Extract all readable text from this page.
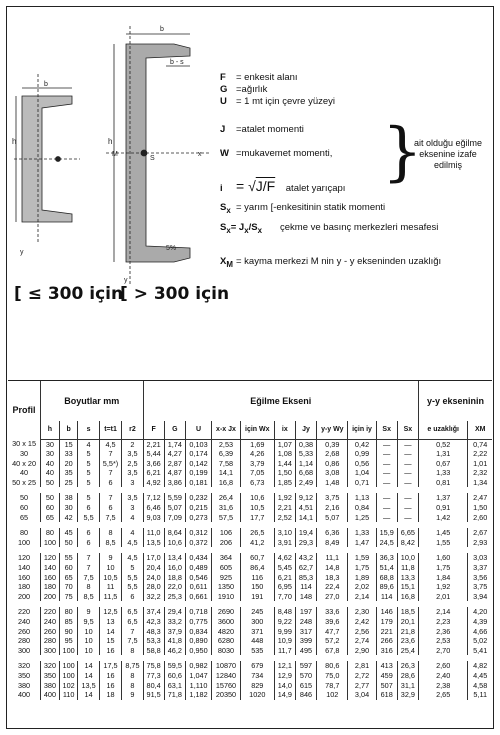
h
b
y
h
b
b - s
S
M	x
5%
y
F = enkesit alanı
G =ağırlık
U = 1 mt için çevre yüzeyi
J =atalet momenti
W =mukavemet momenti,
i = √J/F atalet yarıçapı
$S_x$ = yarım [-enkesitinin statik momenti
$S_x= J_x/S_x$ çekme ve basınç merkezleri mesafesi
$X_M$ = kayma merkezi M nin y - y ekseninden uzaklığı
}
ait olduğu eğilme eksenine izafe edilmiş
[ ≤ 300 için
[ > 300 için
Profil	Boyutlar mm					Eğilme Ekseni											y-y ekseninin	
	h	b	s	t=t1	r2	F	G	U	x-x Jx	için Wx	ix	Jy	y-y Wy	için iy	Sx	Sx	e uzaklığı	XM
30 x 15	30	15	4	4,5	2	2,21	1,74	0,103	2,53	1,69	1,07	0,38	0,39	0,42	—	—	0,52	0,74
30	30	33	5	7	3,5	5,44	4,27	0,174	6,39	4,26	1,08	5,33	2,68	0,99	—	—	1,31	2,22
40 x 20	40	20	5	5,5*)	2,5	3,66	2,87	0,142	7,58	3,79	1,44	1,14	0,86	0,56	—	—	0,67	1,01
40	40	35	5	7	3,5	6,21	4,87	0,199	14,1	7,05	1,50	6,68	3,08	1,04	—	—	1,33	2,32
50 x 25	50	25	5	6	3	4,92	3,86	0,181	16,8	6,73	1,85	2,49	1,48	0,71	—	—	0,81	1,34

50	50	38	5	7	3,5	7,12	5,59	0,232	26,4	10,6	1,92	9,12	3,75	1,13	—	—	1,37	2,47
60	60	30	6	6	3	6,46	5,07	0,215	31,6	10,5	2,21	4,51	2,16	0,84	—	—	0,91	1,50
65	65	42	5,5	7,5	4	9,03	7,09	0,273	57,5	17,7	2,52	14,1	5,07	1,25	—	—	1,42	2,60

80	80	45	6	8	4	11,0	8,64	0,312	106	26,5	3,10	19,4	6,36	1,33	15,9	6,65	1,45	2,67
100	100	50	6	8,5	4,5	13,5	10,6	0,372	206	41,2	3,91	29,3	8,49	1,47	24,5	8,42	1,55	2,93

120	120	55	7	9	4,5	17,0	13,4	0,434	364	60,7	4,62	43,2	11,1	1,59	36,3	10,0	1,60	3,03
140	140	60	7	10	5	20,4	16,0	0,489	605	86,4	5,45	62,7	14,8	1,75	51,4	11,8	1,75	3,37
160	160	65	7,5	10,5	5,5	24,0	18,8	0,546	925	116	6,21	85,3	18,3	1,89	68,8	13,3	1,84	3,56
180	180	70	8	11	5,5	28,0	22,0	0,611	1350	150	6,95	114	22,4	2,02	89,6	15,1	1,92	3,75
200	200	75	8,5	11,5	6	32,2	25,3	0,661	1910	191	7,70	148	27,0	2,14	114	16,8	2,01	3,94

220	220	80	9	12,5	6,5	37,4	29,4	0,718	2690	245	8,48	197	33,6	2,30	146	18,5	2,14	4,20
240	240	85	9,5	13	6,5	42,3	33,2	0,775	3600	300	9,22	248	39,6	2,42	179	20,1	2,23	4,39
260	260	90	10	14	7	48,3	37,9	0,834	4820	371	9,99	317	47,7	2,56	221	21,8	2,36	4,66
280	280	95	10	15	7,5	53,3	41,8	0,890	6280	448	10,9	399	57,2	2,74	266	23,6	2,53	5,02
300	300	100	10	16	8	58,8	46,2	0,950	8030	535	11,7	495	67,8	2,90	316	25,4	2,70	5,41

320	320	100	14	17,5	8,75	75,8	59,5	0,982	10870	679	12,1	597	80,6	2,81	413	26,3	2,60	4,82
350	350	100	14	16	8	77,3	60,6	1,047	12840	734	12,9	570	75,0	2,72	459	28,6	2,40	4,45
380	380	102	13,5	16	8	80,4	63,1	1,110	15760	829	14,0	615	78,7	2,77	507	31,1	2,38	4,58
400	400	110	14	18	9	91,5	71,8	1,182	20350	1020	14,9	846	102	3,04	618	32,9	2,65	5,11
